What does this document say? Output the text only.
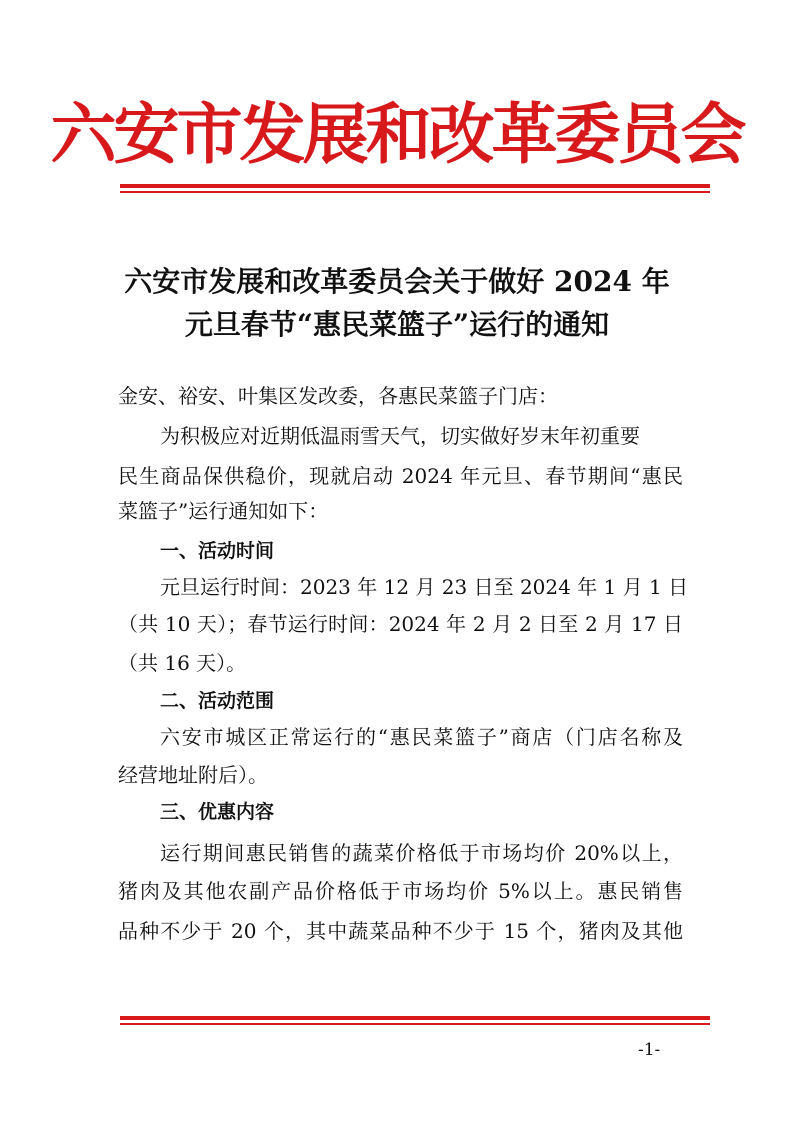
六安市发展和改革委员会
六安市发展和改革委员会关于做好 2024 年
元旦春节“惠民菜篮子”运行的通知
金安、裕安、叶集区发改委，各惠民菜篮子门店：
为积极应对近期低温雨雪天气，切实做好岁末年初重要
民生商品保供稳价，现就启动 2024 年元旦、春节期间“惠民
菜篮子”运行通知如下：
一、活动时间
元旦运行时间：2023 年 12 月 23 日至 2024 年 1 月 1 日
（共 10 天）；春节运行时间：2024 年 2 月 2 日至 2 月 17 日
（共 16 天）。
二、活动范围
六安市城区正常运行的“惠民菜篮子”商店（门店名称及
经营地址附后）。
三、优惠内容
运行期间惠民销售的蔬菜价格低于市场均价 20%以上，
猪肉及其他农副产品价格低于市场均价 5%以上。惠民销售
品种不少于 20 个，其中蔬菜品种不少于 15 个，猪肉及其他
-1-
